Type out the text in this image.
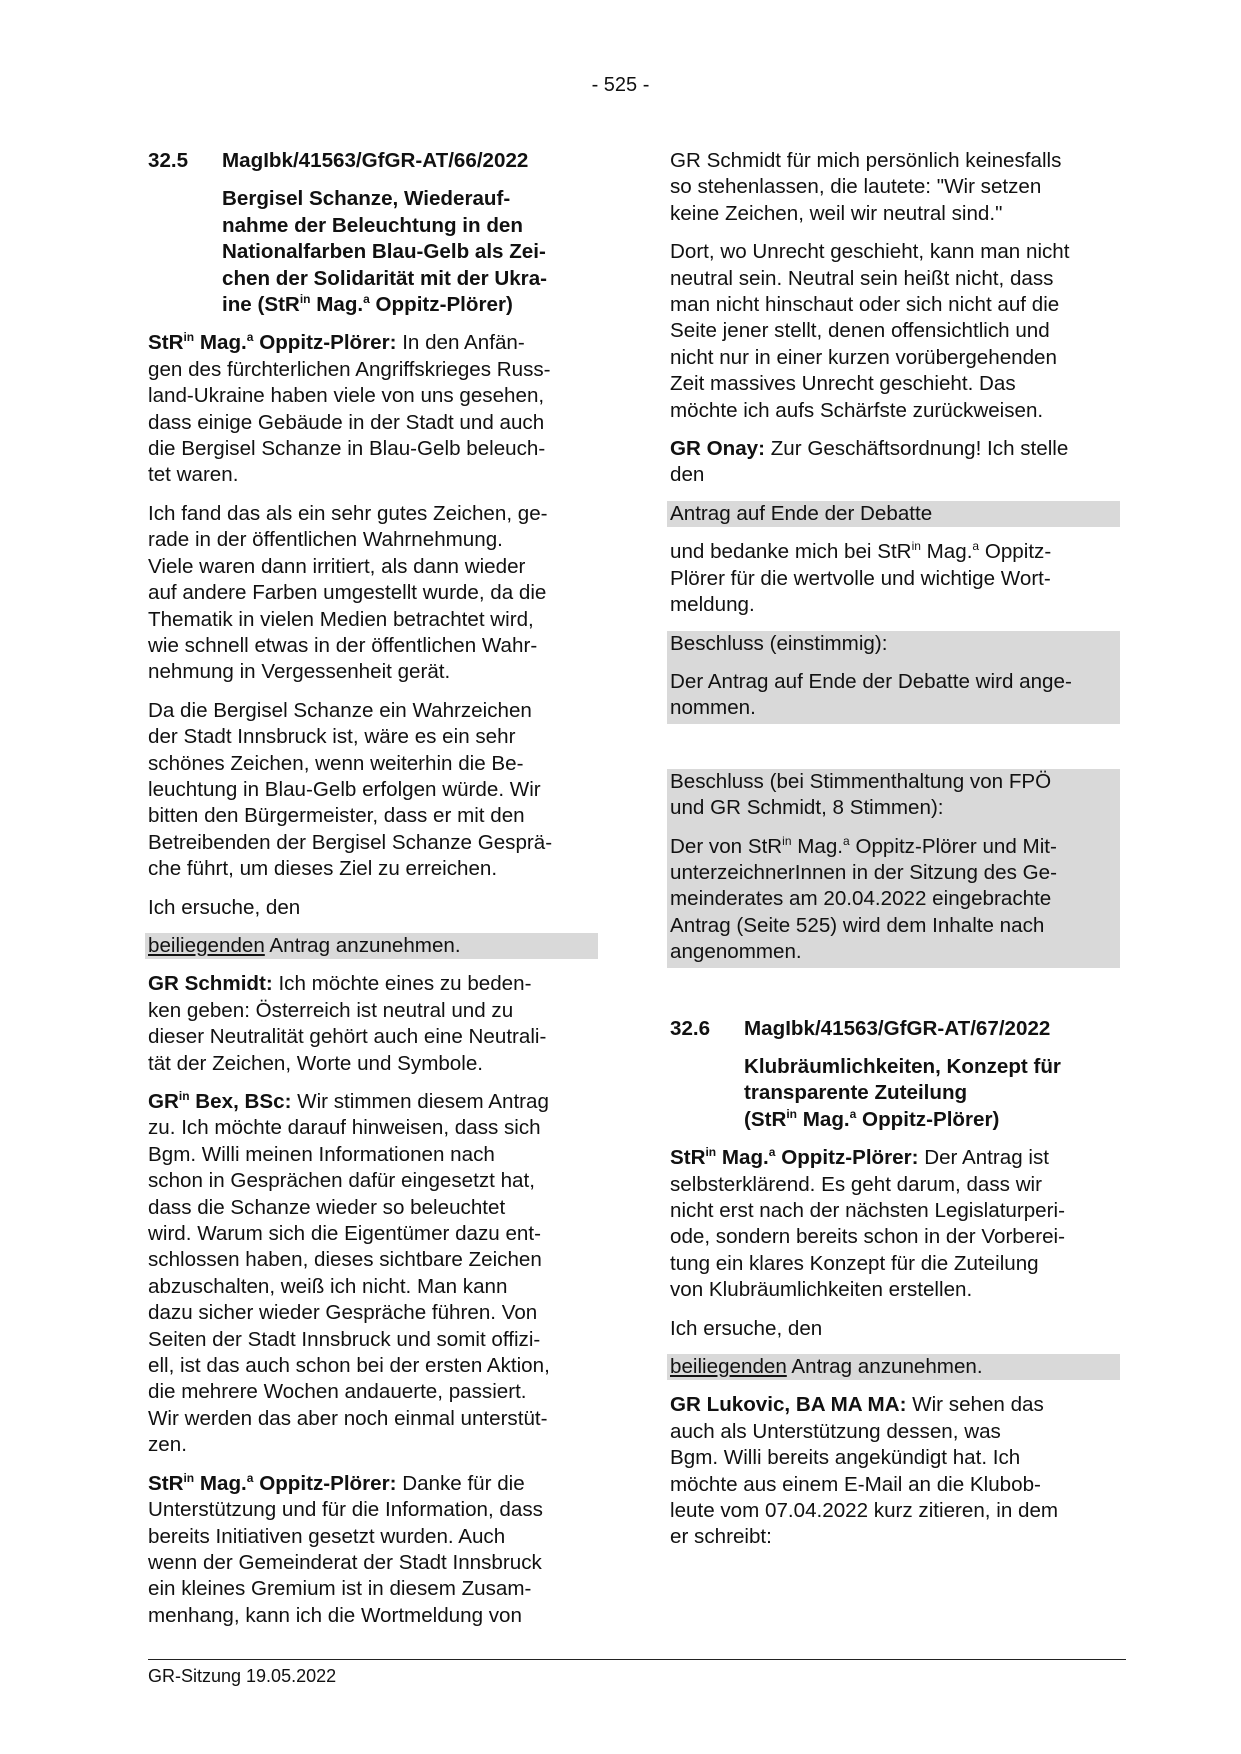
- 525 -
32.5	MagIbk/41563/GfGR-AT/66/2022
Bergisel Schanze, Wiederauf-
nahme der Beleuchtung in den
Nationalfarben Blau-Gelb als Zei-
chen der Solidarität mit der Ukra-
ine (StR$^{in}$ Mag.$^a$ Oppitz-Plörer)
StR$^{in}$ Mag.$^a$ Oppitz-Plörer: In den Anfän-
gen des fürchterlichen Angriffskrieges Russ-
land-Ukraine haben viele von uns gesehen,
dass einige Gebäude in der Stadt und auch
die Bergisel Schanze in Blau-Gelb beleuch-
tet waren.
Ich fand das als ein sehr gutes Zeichen, ge-
rade in der öffentlichen Wahrnehmung.
Viele waren dann irritiert, als dann wieder
auf andere Farben umgestellt wurde, da die
Thematik in vielen Medien betrachtet wird,
wie schnell etwas in der öffentlichen Wahr-
nehmung in Vergessenheit gerät.
Da die Bergisel Schanze ein Wahrzeichen
der Stadt Innsbruck ist, wäre es ein sehr
schönes Zeichen, wenn weiterhin die Be-
leuchtung in Blau-Gelb erfolgen würde. Wir
bitten den Bürgermeister, dass er mit den
Betreibenden der Bergisel Schanze Gesprä-
che führt, um dieses Ziel zu erreichen.
Ich ersuche, den
beiliegenden Antrag anzunehmen.
GR Schmidt: Ich möchte eines zu beden-
ken geben: Österreich ist neutral und zu
dieser Neutralität gehört auch eine Neutrali-
tät der Zeichen, Worte und Symbole.
$GR^{in}$ Bex, BSc: Wir stimmen diesem Antrag
zu. Ich möchte darauf hinweisen, dass sich
Bgm. Willi meinen Informationen nach
schon in Gesprächen dafür eingesetzt hat,
dass die Schanze wieder so beleuchtet
wird. Warum sich die Eigentümer dazu ent-
schlossen haben, dieses sichtbare Zeichen
abzuschalten, weiß ich nicht. Man kann
dazu sicher wieder Gespräche führen. Von
Seiten der Stadt Innsbruck und somit offizi-
ell, ist das auch schon bei der ersten Aktion,
die mehrere Wochen andauerte, passiert.
Wir werden das aber noch einmal unterstüt-
zen.
StR$^{in}$ Mag.$^a$ Oppitz-Plörer: Danke für die
Unterstützung und für die Information, dass
bereits Initiativen gesetzt wurden. Auch
wenn der Gemeinderat der Stadt Innsbruck
ein kleines Gremium ist in diesem Zusam-
menhang, kann ich die Wortmeldung von
GR Schmidt für mich persönlich keinesfalls
so stehenlassen, die lautete: "Wir setzen
keine Zeichen, weil wir neutral sind."
Dort, wo Unrecht geschieht, kann man nicht
neutral sein. Neutral sein heißt nicht, dass
man nicht hinschaut oder sich nicht auf die
Seite jener stellt, denen offensichtlich und
nicht nur in einer kurzen vorübergehenden
Zeit massives Unrecht geschieht. Das
möchte ich aufs Schärfste zurückweisen.
GR Onay: Zur Geschäftsordnung! Ich stelle
den
Antrag auf Ende der Debatte
und bedanke mich bei StR$^{in}$ Mag.$^a$ Oppitz-
Plörer für die wertvolle und wichtige Wort-
meldung.
Beschluss (einstimmig):
Der Antrag auf Ende der Debatte wird ange-
nommen.
Beschluss (bei Stimmenthaltung von FPÖ
und GR Schmidt, 8 Stimmen):
Der von StR$^{in}$ Mag.$^a$ Oppitz-Plörer und Mit-
unterzeichnerInnen in der Sitzung des Ge-
meinderates am 20.04.2022 eingebrachte
Antrag (Seite 525) wird dem Inhalte nach
angenommen.
32.6	MagIbk/41563/GfGR-AT/67/2022
Klubräumlichkeiten, Konzept für
transparente Zuteilung
(StR$^{in}$ Mag.$^a$ Oppitz-Plörer)
StR$^{in}$ Mag.$^a$ Oppitz-Plörer: Der Antrag ist
selbsterklärend. Es geht darum, dass wir
nicht erst nach der nächsten Legislaturperi-
ode, sondern bereits schon in der Vorberei-
tung ein klares Konzept für die Zuteilung
von Klubräumlichkeiten erstellen.
Ich ersuche, den
beiliegenden Antrag anzunehmen.
GR Lukovic, BA MA MA: Wir sehen das
auch als Unterstützung dessen, was
Bgm. Willi bereits angekündigt hat. Ich
möchte aus einem E-Mail an die Klubob-
leute vom 07.04.2022 kurz zitieren, in dem
er schreibt:
GR-Sitzung 19.05.2022
